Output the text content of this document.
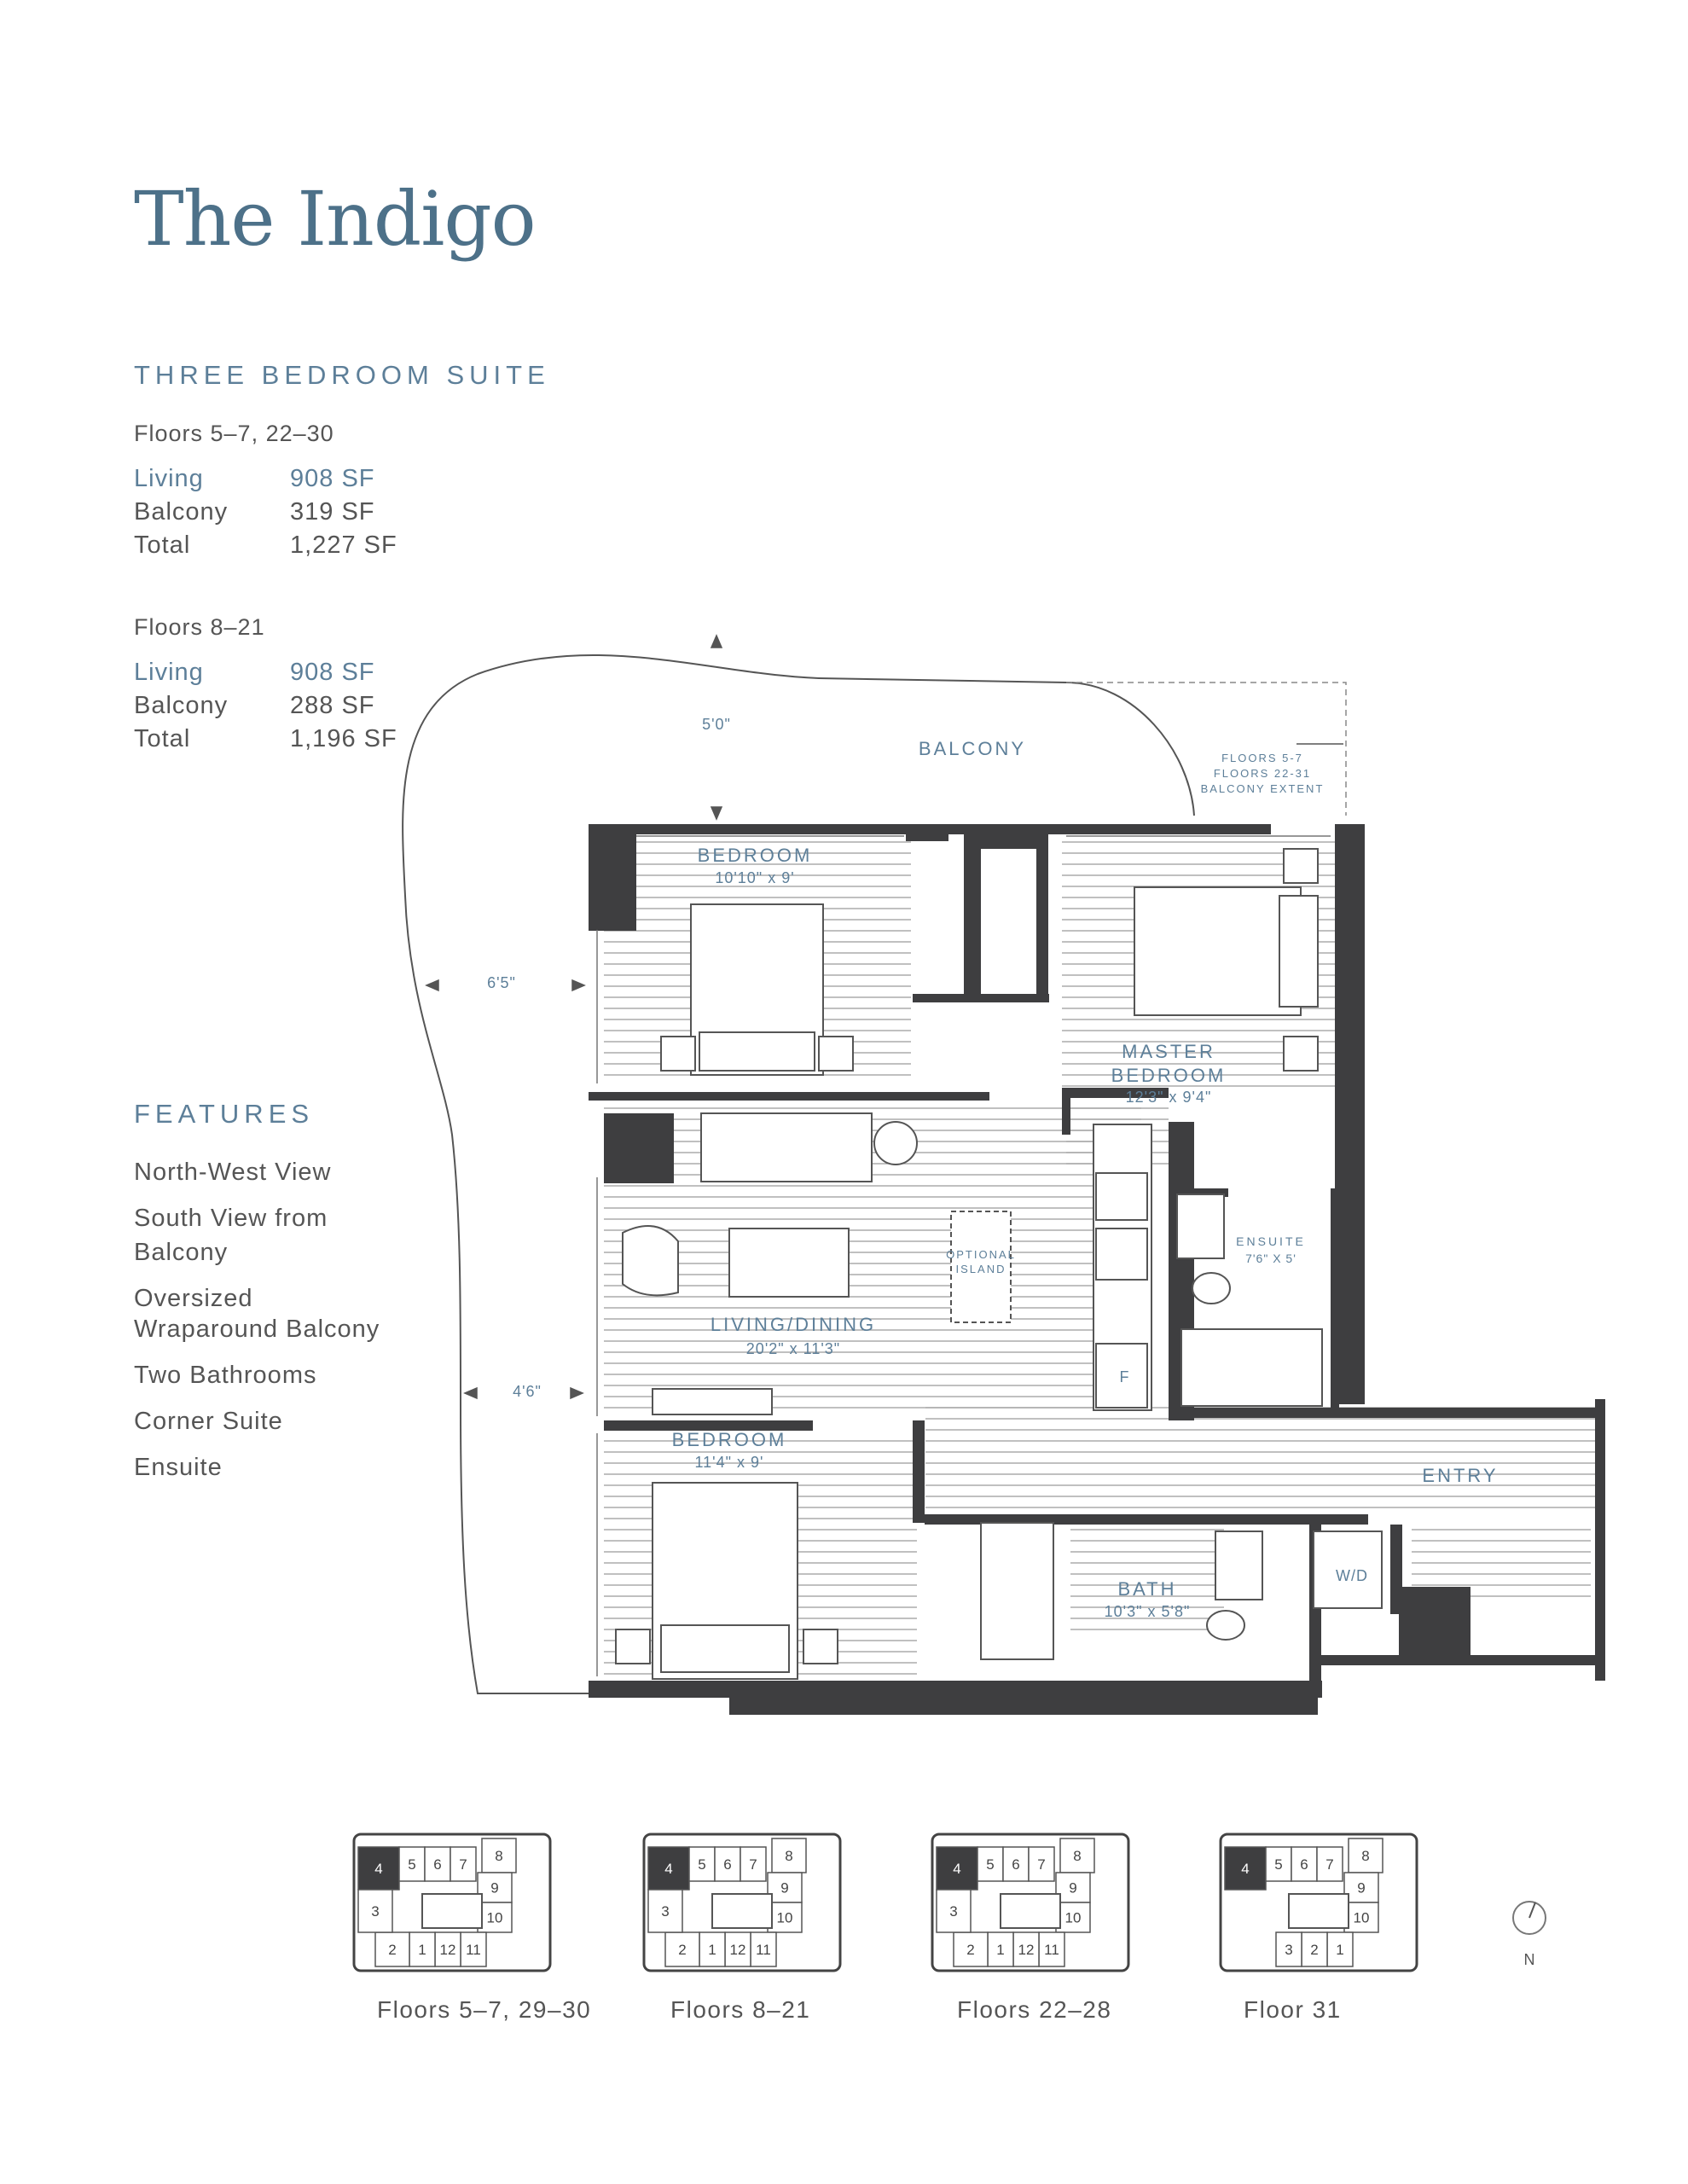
The Indigo
THREE BEDROOM SUITE
Floors 5–7, 22–30
Living	908 SF
Balcony	319 SF
Total	1,227 SF
Floors 8–21
Living	908 SF
Balcony	288 SF
Total	1,196 SF
FEATURES
North-West View
South View from
Balcony
Oversized
Wraparound Balcony
Two Bathrooms
Corner Suite
Ensuite
BALCONY
BEDROOM
10'10" x 9'
MASTER
BEDROOM
12'3" x 9'4"
ENSUITE
7'6" X 5'
LIVING/DINING
20'2" x 11'3"
OPTIONAL
ISLAND
F
BEDROOM
11'4" x 9'
BATH
10'3" x 5'8"
ENTRY
W/D
5'0"
6'5"
4'6"
FLOORS 5-7
FLOORS 22-31
BALCONY EXTENT
4 5 6 7
8
9
10
11
12
1
2
3
4 5 6 7
8
9
10
11
12
1
2
3
4 5 6 7
8
9
10
11
12
1
2
3
4 5 6 7
8
9
10
1
2
3
N
Floors 5–7, 29–30	Floors 8–21	Floors 22–28	Floor 31
